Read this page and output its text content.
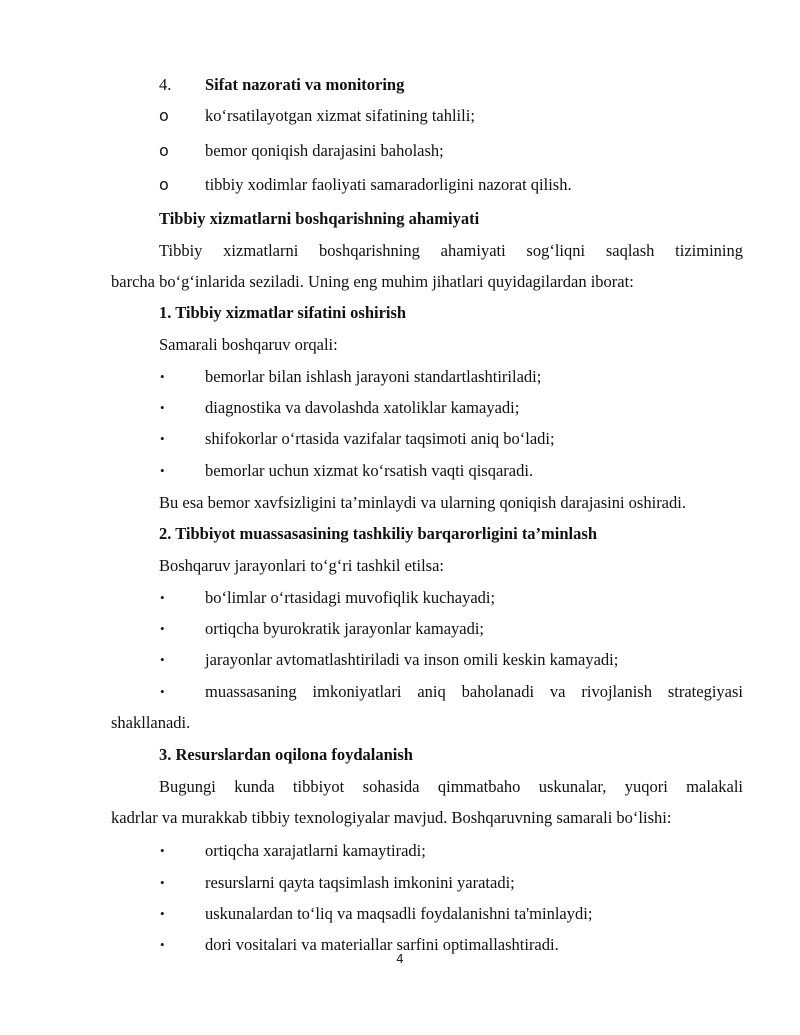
4. Sifat nazorati va monitoring
o ko‘rsatilayotgan xizmat sifatining tahlili;
o bemor qoniqish darajasini baholash;
o tibbiy xodimlar faoliyati samaradorligini nazorat qilish.
Tibbiy xizmatlarni boshqarishning ahamiyati
Tibbiy xizmatlarni boshqarishning ahamiyati sog‘liqni saqlash tizimining
barcha bo‘g‘inlarida seziladi. Uning eng muhim jihatlari quyidagilardan iborat:
1. Tibbiy xizmatlar sifatini oshirish
Samarali boshqaruv orqali:
• bemorlar bilan ishlash jarayoni standartlashtiriladi;
• diagnostika va davolashda xatoliklar kamayadi;
• shifokorlar o‘rtasida vazifalar taqsimoti aniq bo‘ladi;
• bemorlar uchun xizmat ko‘rsatish vaqti qisqaradi.
Bu esa bemor xavfsizligini ta’minlaydi va ularning qoniqish darajasini oshiradi.
2. Tibbiyot muassasasining tashkiliy barqarorligini ta’minlash
Boshqaruv jarayonlari to‘g‘ri tashkil etilsa:
• bo‘limlar o‘rtasidagi muvofiqlik kuchayadi;
• ortiqcha byurokratik jarayonlar kamayadi;
• jarayonlar avtomatlashtiriladi va inson omili keskin kamayadi;
• muassasaning imkoniyatlari aniq baholanadi va rivojlanish strategiyasi
shakllanadi.
3. Resurslardan oqilona foydalanish
Bugungi kunda tibbiyot sohasida qimmatbaho uskunalar, yuqori malakali
kadrlar va murakkab tibbiy texnologiyalar mavjud. Boshqaruvning samarali bo‘lishi:
• ortiqcha xarajatlarni kamaytiradi;
• resurslarni qayta taqsimlash imkonini yaratadi;
• uskunalardan to‘liq va maqsadli foydalanishni ta'minlaydi;
• dori vositalari va materiallar sarfini optimallashtiradi.
4
